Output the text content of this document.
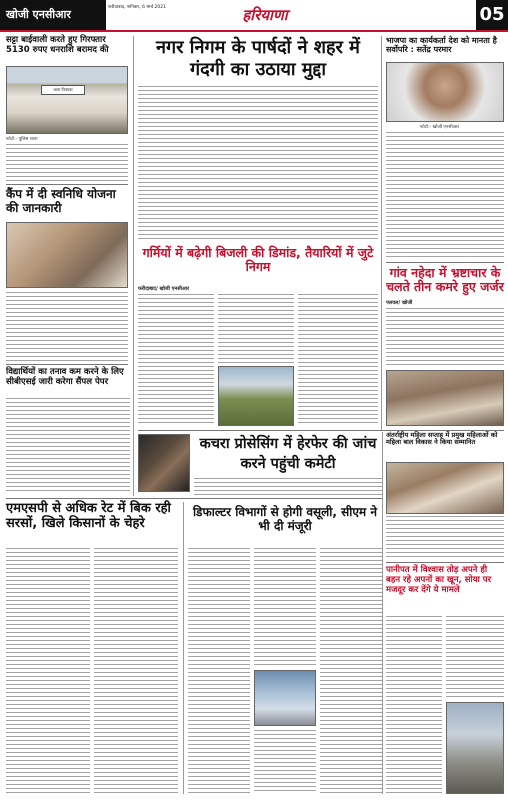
खोजी एनसीआर
फरीदाबाद, शनिवार, 6 मार्च 2021	हरियाणा	05
सट्टा बाईवाली करते हुए गिरफ्तार 5130 रुपए धनराशि बरामद की
थाना पिनगवां
फोटो:- पुलिस थाना
कैंप में दी स्वनिधि योजना की जानकारी
विद्यार्थियों का तनाव कम करने के लिए सीबीएसई जारी करेगा सैंपल पेपर
नगर निगम के पार्षदों ने शहर में
गंदगी का उठाया मुद्दा
गर्मियों में बढ़ेगी बिजली की डिमांड, तैयारियों में जुटे निगम
फरीदाबाद/ खोजी एनसीआर
भाजपा का कार्यकर्ता देश को मानता है सर्वोपरि : सतेंद्र परमार
फोटो:- खोजी एनसीआर
गांव नहेदा में भ्रष्टाचार के चलते तीन कमरे हुए जर्जर
पलवल/ खोजी
कचरा प्रोसेसिंग में हेरफेर की जांच
करने पहुंची कमेटी
अंतर्राष्ट्रीय महिला सप्ताह में प्रमुख महिलाओं को महिला बाल विकास ने किया सम्मानित
एमएसपी से अधिक रेट में बिक रही सरसों, खिले किसानों के चेहरे
डिफाल्टर विभागों से होगी वसूली, सीएम ने भी दी मंजूरी
पानीपत में विश्वास तोड़ अपने ही बहन रहे अपनों का खून, सोया पर मजदूर कर देंगे ये मामले
